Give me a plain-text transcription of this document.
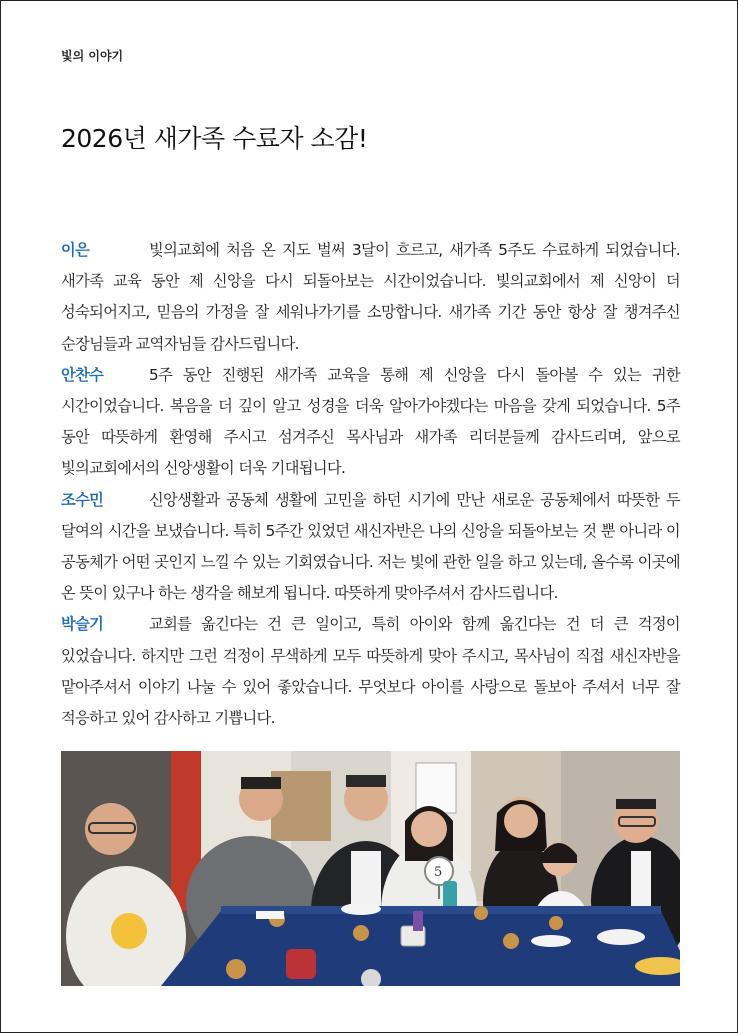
빛의 이야기
2026년 새가족 수료자 소감!

이은	빛의교회에 처음 온 지도 벌써 3달이 흐르고, 새가족 5주도 수료하게 되었습니다. 새가족 교육 동안 제 신앙을 다시 되돌아보는 시간이었습니다. 빛의교회에서 제 신앙이 더 성숙되어지고, 믿음의 가정을 잘 세워나가기를 소망합니다. 새가족 기간 동안 항상 잘 챙겨주신 순장님들과 교역자님들 감사드립니다.

안찬수	5주 동안 진행된 새가족 교육을 통해 제 신앙을 다시 돌아볼 수 있는 귀한 시간이었습니다. 복음을 더 깊이 알고 성경을 더욱 알아가야겠다는 마음을 갖게 되었습니다. 5주 동안 따뜻하게 환영해 주시고 섬겨주신 목사님과 새가족 리더분들께 감사드리며, 앞으로 빛의교회에서의 신앙생활이 더욱 기대됩니다.

조수민	신앙생활과 공동체 생활에 고민을 하던 시기에 만난 새로운 공동체에서 따뜻한 두 달여의 시간을 보냈습니다. 특히 5주간 있었던 새신자반은 나의 신앙을 되돌아보는 것 뿐 아니라 이 공동체가 어떤 곳인지 느낄 수 있는 기회였습니다. 저는 빛에 관한 일을 하고 있는데, 올수록 이곳에 온 뜻이 있구나 하는 생각을 해보게 됩니다. 따뜻하게 맞아주셔서 감사드립니다.

박슬기	교회를 옮긴다는 건 큰 일이고, 특히 아이와 함께 옮긴다는 건 더 큰 걱정이 있었습니다. 하지만 그런 걱정이 무색하게 모두 따뜻하게 맞아 주시고, 목사님이 직접 새신자반을 맡아주셔서 이야기 나눌 수 있어 좋았습니다. 무엇보다 아이를 사랑으로 돌보아 주셔서 너무 잘 적응하고 있어 감사하고 기쁩니다.

5
